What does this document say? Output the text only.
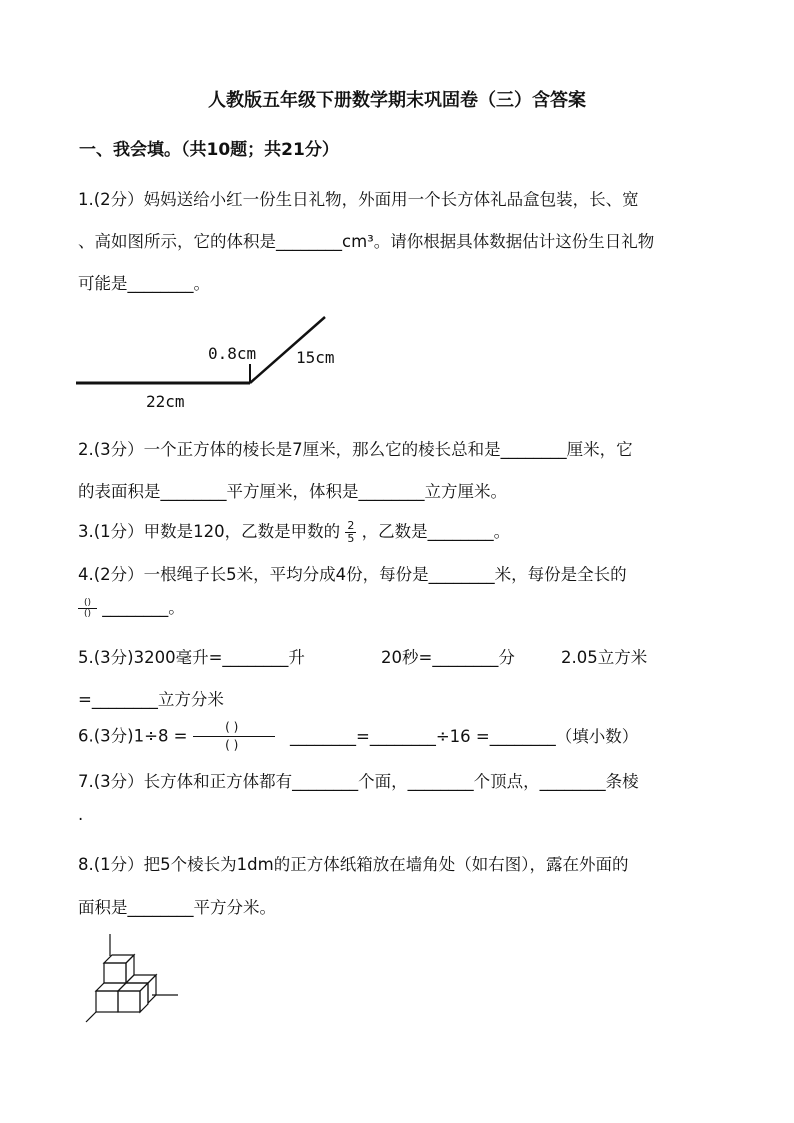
人教版五年级下册数学期末巩固卷（三）含答案
一、我会填。（共10题；共21分）
1.(2分）妈妈送给小红一份生日礼物，外面用一个长方体礼品盒包装，长、宽
、高如图所示，它的体积是________cm³。请你根据具体数据估计这份生日礼物
可能是________。
0.8cm 15cm
22cm
2.(3分）一个正方体的棱长是7厘米，那么它的棱长总和是________厘米，它
的表面积是________平方厘米，体积是________立方厘米。
3.(1分）甲数是120，乙数是甲数的 $\frac{2}{5}$ ，乙数是________。
4.(2分）一根绳子长5米，平均分成4份，每份是________米，每份是全长的
$\frac{()}{()}$ ________。
5.(3分)3200毫升=________升	20秒=________分	2.05立方米
=________立方分米
6.(3分)1÷8 =	( )
( )	________=________÷16 =________（填小数）
7.(3分）长方体和正方体都有________个面，________个顶点，________条棱
.
8.(1分）把5个棱长为1dm的正方体纸箱放在墙角处（如右图），露在外面的
面积是________平方分米。
